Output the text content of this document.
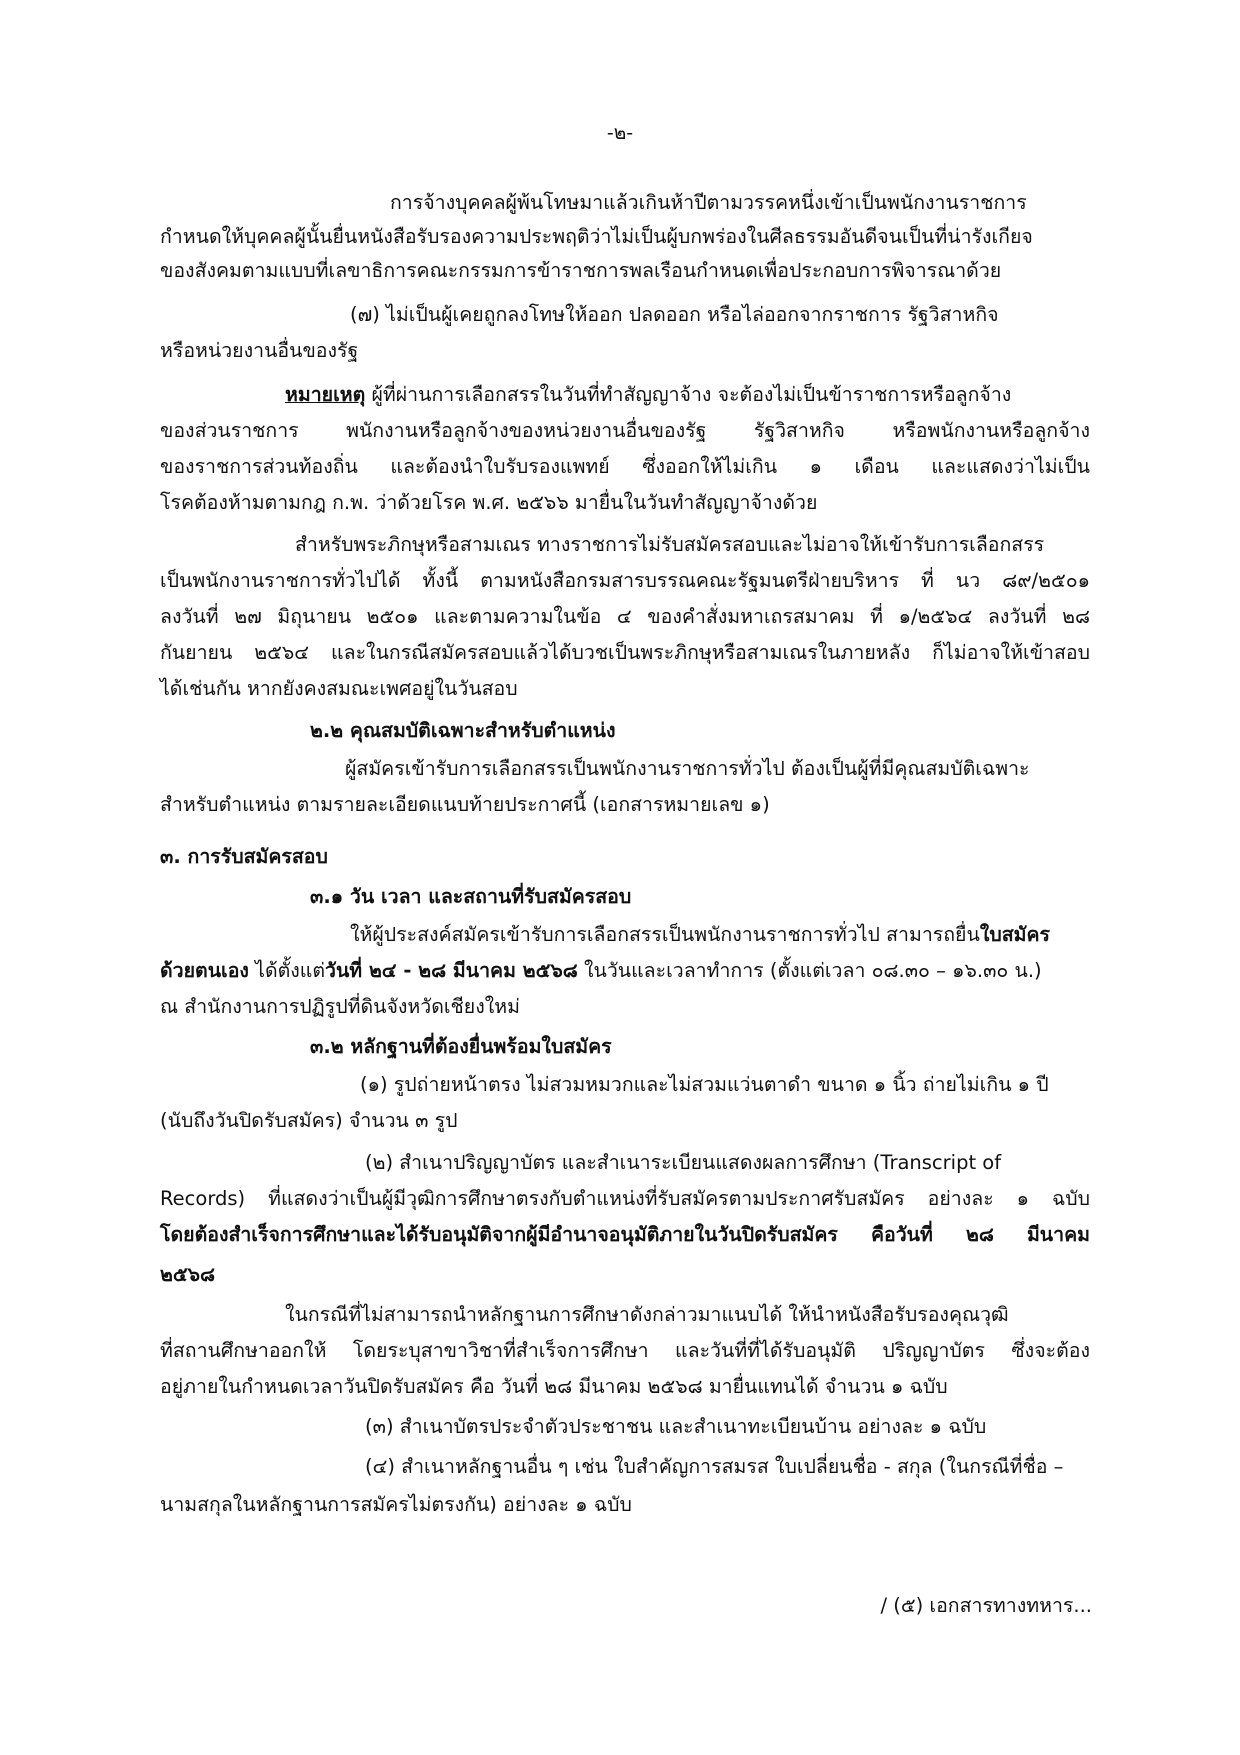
-๒-
การจ้างบุคคลผู้พ้นโทษมาแล้วเกินห้าปีตามวรรคหนึ่งเข้าเป็นพนักงานราชการ
กำหนดให้บุคคลผู้นั้นยื่นหนังสือรับรองความประพฤติว่าไม่เป็นผู้บกพร่องในศีลธรรมอันดีจนเป็นที่น่ารังเกียจ
ของสังคมตามแบบที่เลขาธิการคณะกรรมการข้าราชการพลเรือนกำหนดเพื่อประกอบการพิจารณาด้วย
(๗) ไม่เป็นผู้เคยถูกลงโทษให้ออก ปลดออก หรือไล่ออกจากราชการ รัฐวิสาหกิจ
หรือหน่วยงานอื่นของรัฐ
หมายเหตุ ผู้ที่ผ่านการเลือกสรรในวันที่ทำสัญญาจ้าง จะต้องไม่เป็นข้าราชการหรือลูกจ้าง
ของส่วนราชการ พนักงานหรือลูกจ้างของหน่วยงานอื่นของรัฐ รัฐวิสาหกิจ หรือพนักงานหรือลูกจ้าง
ของราชการส่วนท้องถิ่น และต้องนำใบรับรองแพทย์ ซึ่งออกให้ไม่เกิน ๑ เดือน และแสดงว่าไม่เป็น
โรคต้องห้ามตามกฎ ก.พ. ว่าด้วยโรค พ.ศ. ๒๕๖๖ มายื่นในวันทำสัญญาจ้างด้วย
สำหรับพระภิกษุหรือสามเณร ทางราชการไม่รับสมัครสอบและไม่อาจให้เข้ารับการเลือกสรร
เป็นพนักงานราชการทั่วไปได้ ทั้งนี้ ตามหนังสือกรมสารบรรณคณะรัฐมนตรีฝ่ายบริหาร ที่ นว ๘๙/๒๕๐๑
ลงวันที่ ๒๗ มิถุนายน ๒๕๐๑ และตามความในข้อ ๔ ของคำสั่งมหาเถรสมาคม ที่ ๑/๒๕๖๔ ลงวันที่ ๒๘
กันยายน ๒๕๖๔ และในกรณีสมัครสอบแล้วได้บวชเป็นพระภิกษุหรือสามเณรในภายหลัง ก็ไม่อาจให้เข้าสอบ
ได้เช่นกัน หากยังคงสมณะเพศอยู่ในวันสอบ
๒.๒ คุณสมบัติเฉพาะสำหรับตำแหน่ง
ผู้สมัครเข้ารับการเลือกสรรเป็นพนักงานราชการทั่วไป ต้องเป็นผู้ที่มีคุณสมบัติเฉพาะ
สำหรับตำแหน่ง ตามรายละเอียดแนบท้ายประกาศนี้ (เอกสารหมายเลข ๑)
๓. การรับสมัครสอบ
๓.๑ วัน เวลา และสถานที่รับสมัครสอบ
ให้ผู้ประสงค์สมัครเข้ารับการเลือกสรรเป็นพนักงานราชการทั่วไป สามารถยื่นใบสมัคร
ด้วยตนเอง ได้ตั้งแต่วันที่ ๒๔ - ๒๘ มีนาคม ๒๕๖๘ ในวันและเวลาทำการ (ตั้งแต่เวลา ๐๘.๓๐ – ๑๖.๓๐ น.)
ณ สำนักงานการปฏิรูปที่ดินจังหวัดเชียงใหม่
๓.๒ หลักฐานที่ต้องยื่นพร้อมใบสมัคร
(๑) รูปถ่ายหน้าตรง ไม่สวมหมวกและไม่สวมแว่นตาดำ ขนาด ๑ นิ้ว ถ่ายไม่เกิน ๑ ปี
(นับถึงวันปิดรับสมัคร) จำนวน ๓ รูป
(๒) สำเนาปริญญาบัตร และสำเนาระเบียนแสดงผลการศึกษา (Transcript of
Records) ที่แสดงว่าเป็นผู้มีวุฒิการศึกษาตรงกับตำแหน่งที่รับสมัครตามประกาศรับสมัคร อย่างละ ๑ ฉบับ
โดยต้องสำเร็จการศึกษาและได้รับอนุมัติจากผู้มีอำนาจอนุมัติภายในวันปิดรับสมัคร คือวันที่ ๒๘ มีนาคม
๒๕๖๘
ในกรณีที่ไม่สามารถนำหลักฐานการศึกษาดังกล่าวมาแนบได้ ให้นำหนังสือรับรองคุณวุฒิ
ที่สถานศึกษาออกให้ โดยระบุสาขาวิชาที่สำเร็จการศึกษา และวันที่ที่ได้รับอนุมัติ ปริญญาบัตร ซึ่งจะต้อง
อยู่ภายในกำหนดเวลาวันปิดรับสมัคร คือ วันที่ ๒๘ มีนาคม ๒๕๖๘ มายื่นแทนได้ จำนวน ๑ ฉบับ
(๓) สำเนาบัตรประจำตัวประชาชน และสำเนาทะเบียนบ้าน อย่างละ ๑ ฉบับ
(๔) สำเนาหลักฐานอื่น ๆ เช่น ใบสำคัญการสมรส ใบเปลี่ยนชื่อ - สกุล (ในกรณีที่ชื่อ –
นามสกุลในหลักฐานการสมัครไม่ตรงกัน) อย่างละ ๑ ฉบับ
/ (๕) เอกสารทางทหาร...
